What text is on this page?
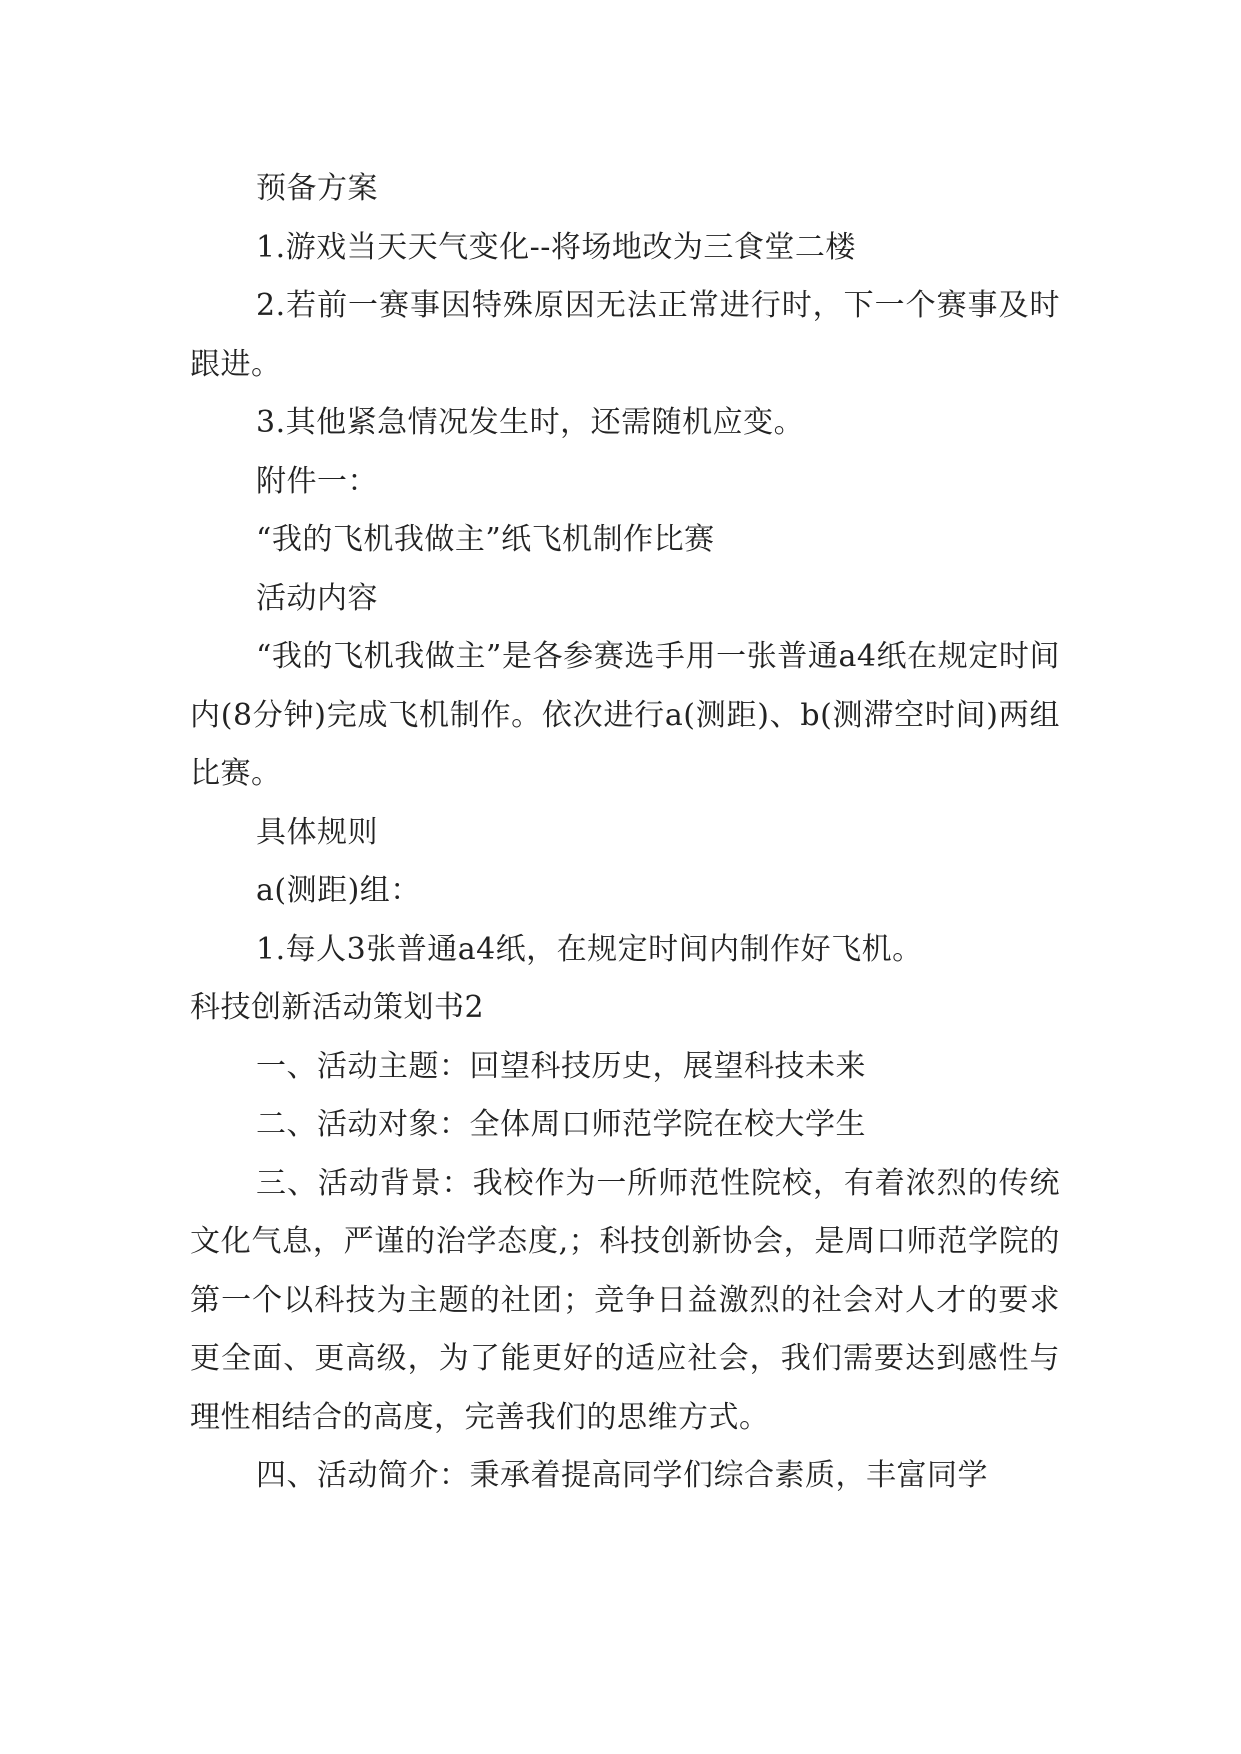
预备方案

1.游戏当天天气变化--将场地改为三食堂二楼

2.若前一赛事因特殊原因无法正常进行时，下一个赛事及时跟进。

3.其他紧急情况发生时，还需随机应变。

附件一：

“我的飞机我做主”纸飞机制作比赛

活动内容

“我的飞机我做主”是各参赛选手用一张普通a4纸在规定时间内(8分钟)完成飞机制作。依次进行a(测距)、b(测滞空时间)两组比赛。

具体规则

a(测距)组：

1.每人3张普通a4纸，在规定时间内制作好飞机。

科技创新活动策划书2

一、活动主题：回望科技历史，展望科技未来

二、活动对象：全体周口师范学院在校大学生

三、活动背景：我校作为一所师范性院校，有着浓烈的传统文化气息，严谨的治学态度,；科技创新协会，是周口师范学院的第一个以科技为主题的社团；竞争日益激烈的社会对人才的要求更全面、更高级，为了能更好的适应社会，我们需要达到感性与理性相结合的高度，完善我们的思维方式。

四、活动简介：秉承着提高同学们综合素质，丰富同学
